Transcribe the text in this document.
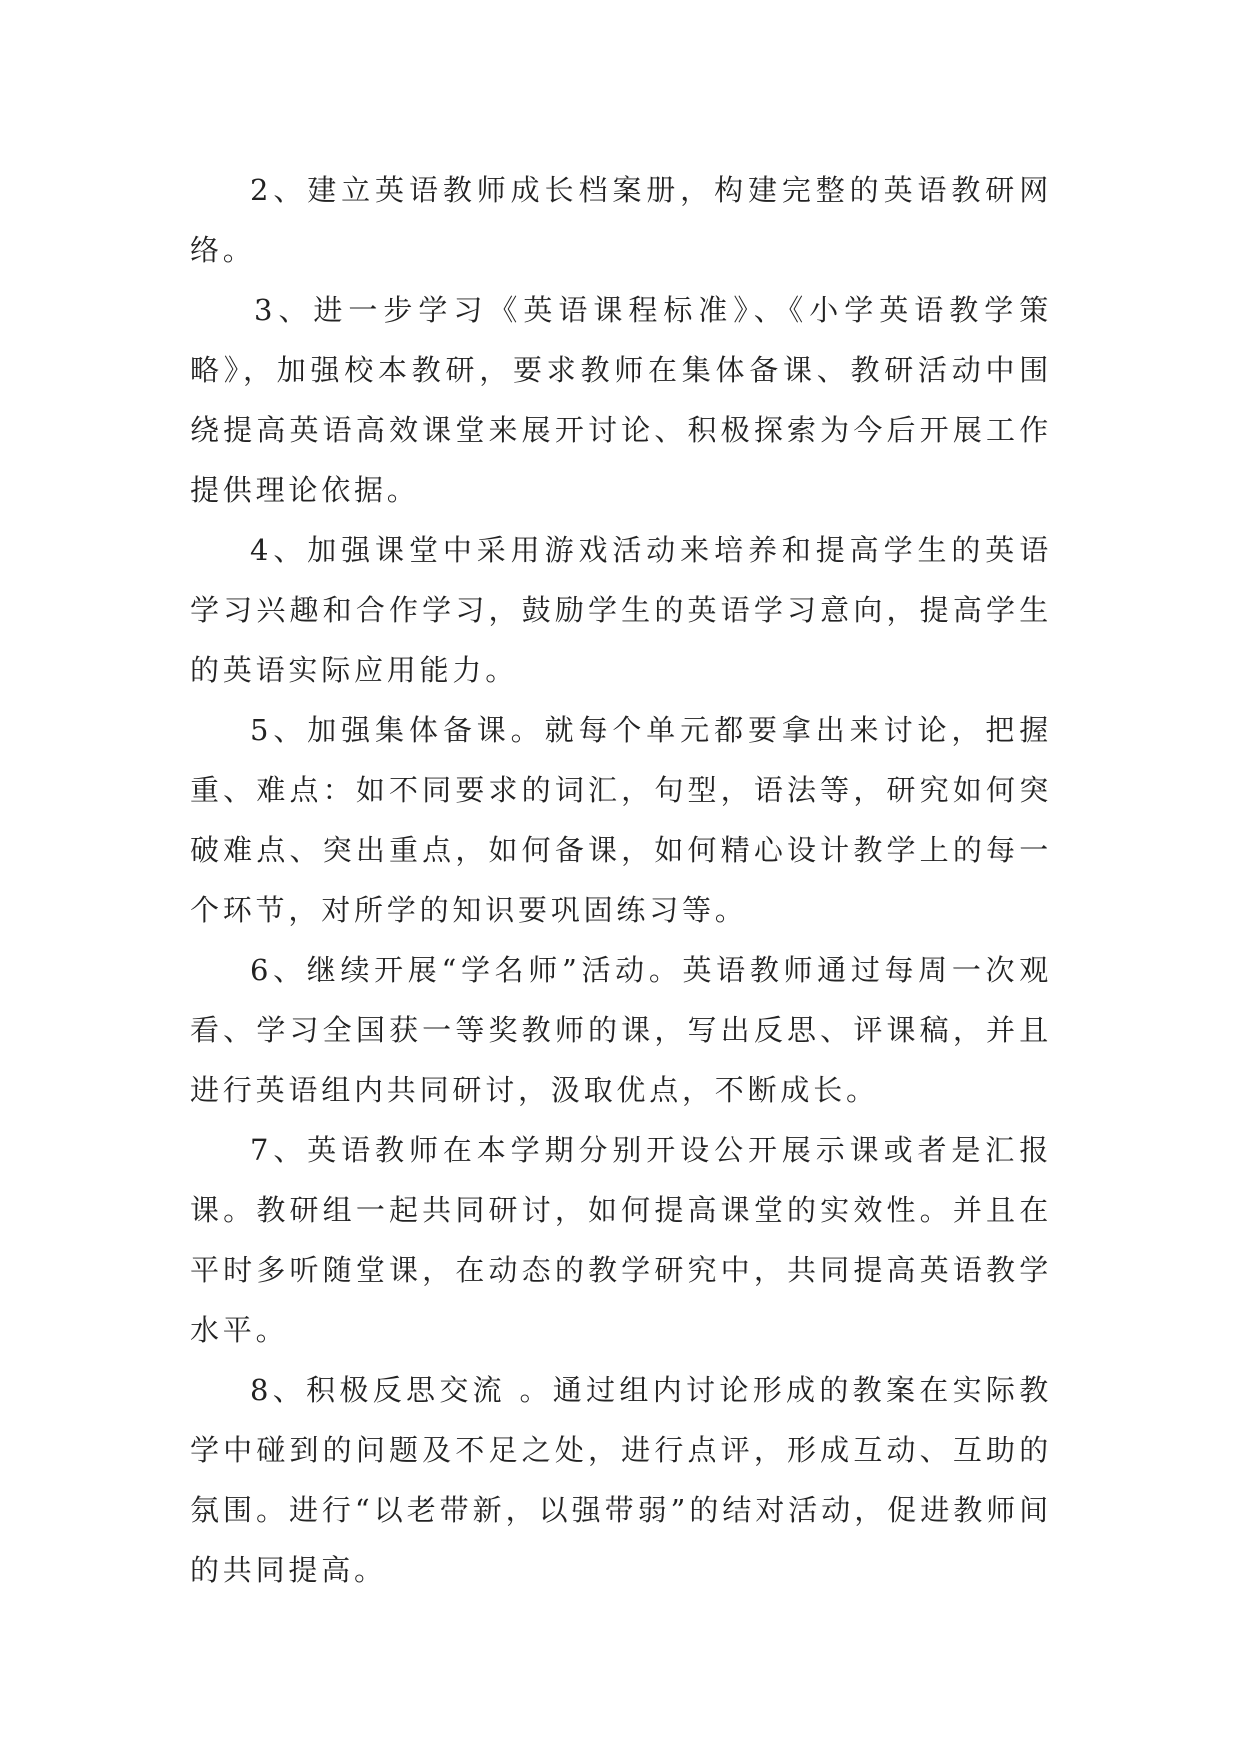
2、建立英语教师成长档案册，构建完整的英语教研网络。

3、进一步学习《英语课程标准》、《小学英语教学策略》，加强校本教研，要求教师在集体备课、教研活动中围绕提高英语高效课堂来展开讨论、积极探索为今后开展工作提供理论依据。

4、加强课堂中采用游戏活动来培养和提高学生的英语学习兴趣和合作学习，鼓励学生的英语学习意向，提高学生的英语实际应用能力。

5、加强集体备课。就每个单元都要拿出来讨论，把握重、难点：如不同要求的词汇，句型，语法等，研究如何突破难点、突出重点，如何备课，如何精心设计教学上的每一个环节，对所学的知识要巩固练习等。

6、继续开展“学名师”活动。英语教师通过每周一次观看、学习全国获一等奖教师的课，写出反思、评课稿，并且进行英语组内共同研讨，汲取优点，不断成长。

7、英语教师在本学期分别开设公开展示课或者是汇报课。教研组一起共同研讨，如何提高课堂的实效性。并且在平时多听随堂课，在动态的教学研究中，共同提高英语教学水平。

8、积极反思交流 。通过组内讨论形成的教案在实际教学中碰到的问题及不足之处，进行点评，形成互动、互助的氛围。进行“以老带新，以强带弱”的结对活动，促进教师间的共同提高。
